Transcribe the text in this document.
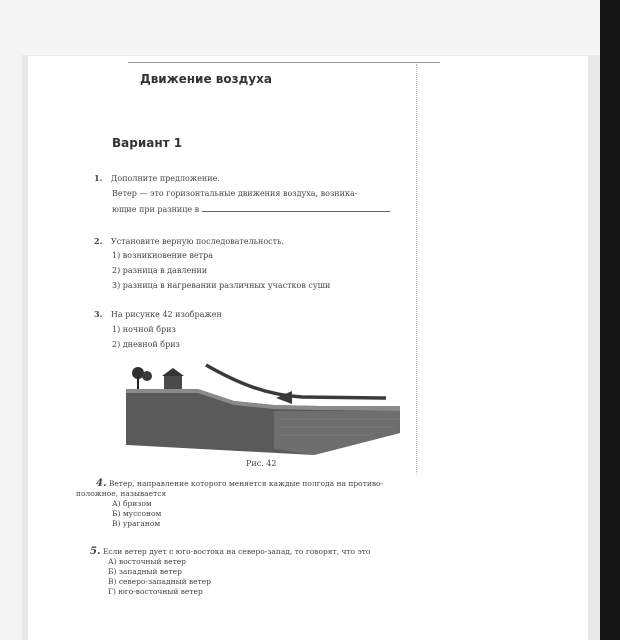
Движение воздуха
Вариант 1
1. Дополните предложение.
Ветер — это горизонтальные движения воздуха, возника-
ющие при разнице в
2. Установите верную последовательность.
1) возникновение ветра
2) разница в давлении
3) разница в нагревании различных участков суши
3. На рисунке 42 изображен
1) ночной бриз
2) дневной бриз
Рис. 42
4. Ветер, направление которого меняется каждые полгода на противо-
положное, называется
А) бризом
Б) муссоном
В) ураганом
5. Если ветер дует с юго-востока на северо-запад, то говорят, что это
А) восточный ветер
Б) западный ветер
В) северо-западный ветер
Г) юго-восточный ветер
